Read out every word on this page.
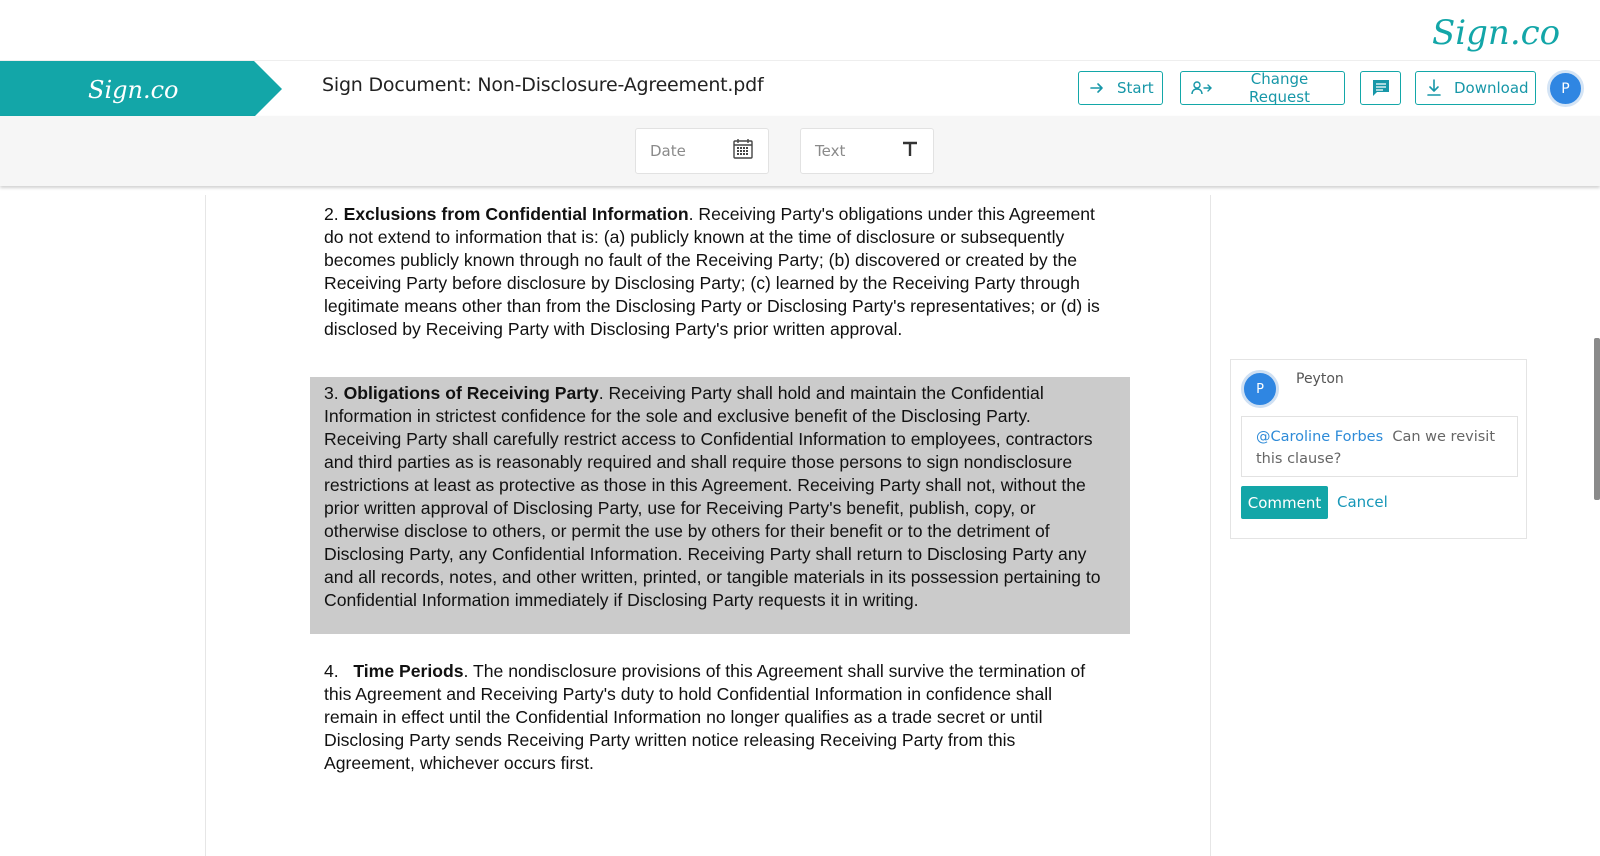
Sign.co
Sign.co	Sign Document: Non-Disclosure-Agreement.pdf	Start	Change Request	Download	P
Date	Text
2. Exclusions from Confidential Information. Receiving Party's obligations under this Agreement do not extend to information that is: (a) publicly known at the time of disclosure or subsequently becomes publicly known through no fault of the Receiving Party; (b) discovered or created by the Receiving Party before disclosure by Disclosing Party; (c) learned by the Receiving Party through legitimate means other than from the Disclosing Party or Disclosing Party's representatives; or (d) is disclosed by Receiving Party with Disclosing Party's prior written approval.
3. Obligations of Receiving Party. Receiving Party shall hold and maintain the Confidential Information in strictest confidence for the sole and exclusive benefit of the Disclosing Party. Receiving Party shall carefully restrict access to Confidential Information to employees, contractors and third parties as is reasonably required and shall require those persons to sign nondisclosure restrictions at least as protective as those in this Agreement. Receiving Party shall not, without the prior written approval of Disclosing Party, use for Receiving Party's benefit, publish, copy, or otherwise disclose to others, or permit the use by others for their benefit or to the detriment of Disclosing Party, any Confidential Information. Receiving Party shall return to Disclosing Party any and all records, notes, and other written, printed, or tangible materials in its possession pertaining to Confidential Information immediately if Disclosing Party requests it in writing.
4. Time Periods. The nondisclosure provisions of this Agreement shall survive the termination of this Agreement and Receiving Party's duty to hold Confidential Information in confidence shall remain in effect until the Confidential Information no longer qualifies as a trade secret or until Disclosing Party sends Receiving Party written notice releasing Receiving Party from this Agreement, whichever occurs first.
P
Peyton
@Caroline Forbes Can we revisit this clause?
Comment	Cancel
